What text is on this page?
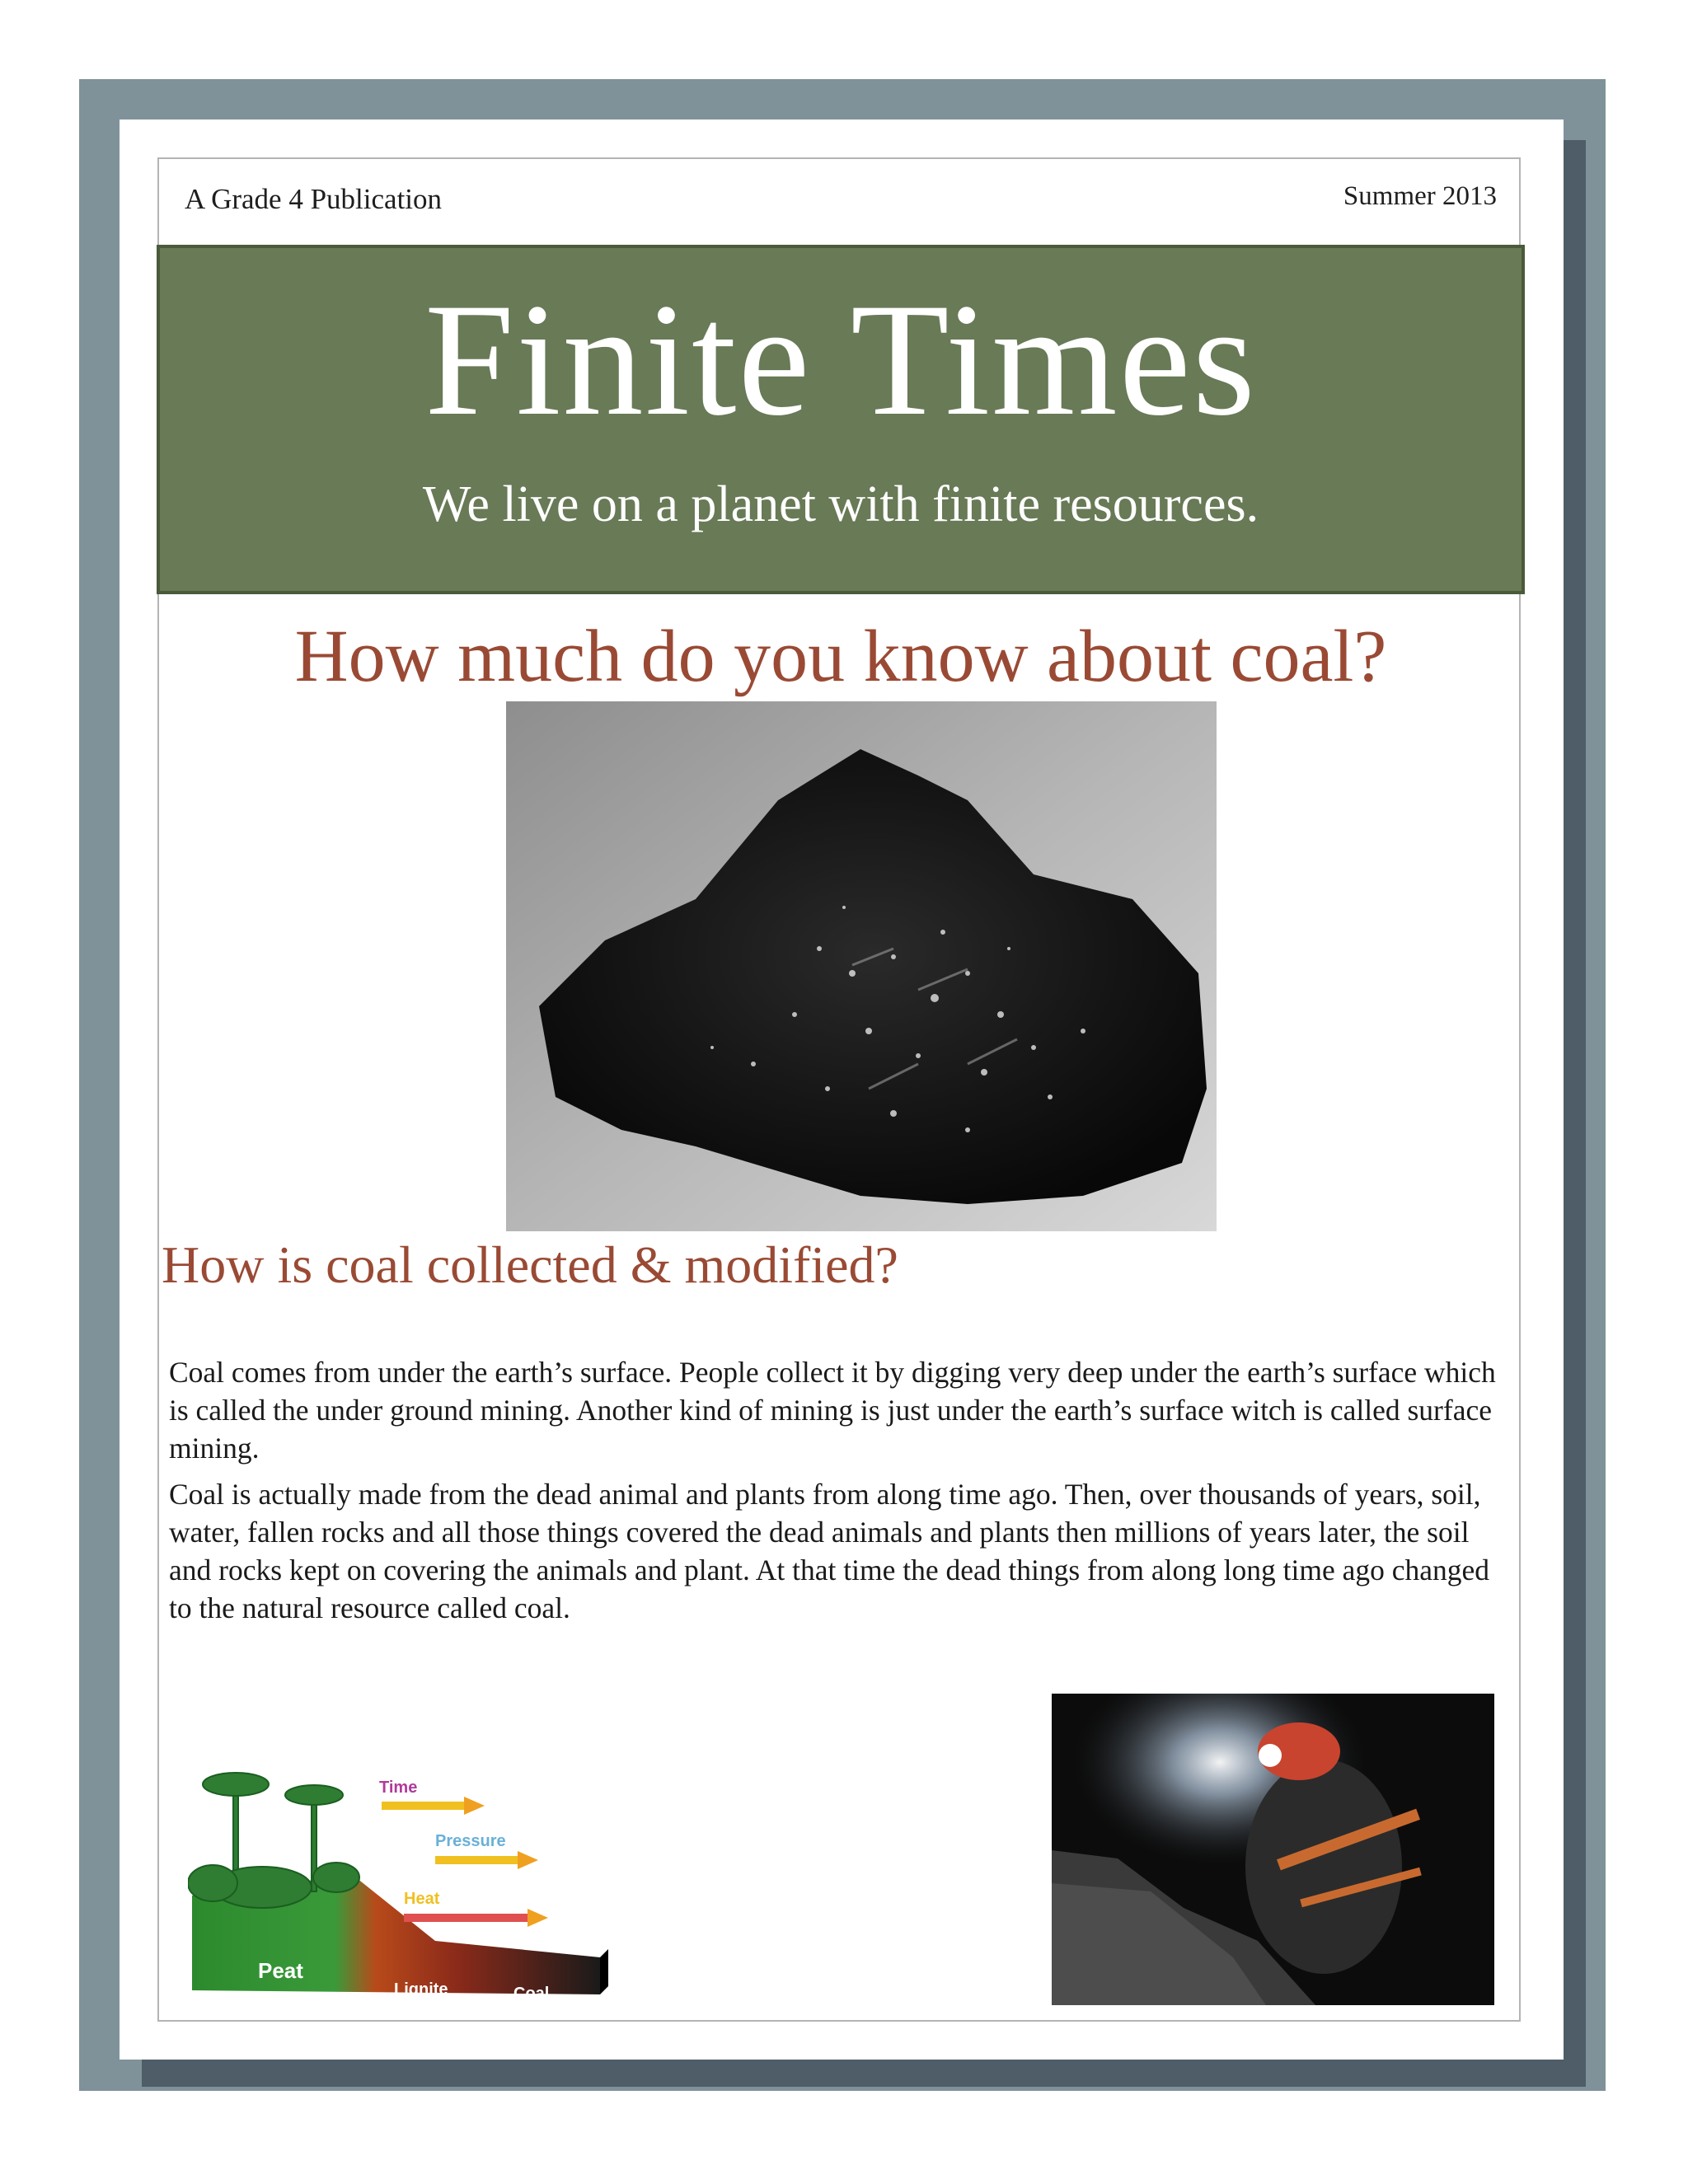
A Grade 4 Publication	Summer 2013
Finite Times
We live on a planet with finite resources.
How much do you know about coal?
How is coal collected & modified?

Coal comes from under the earth’s surface. People collect it by digging very deep under the earth’s surface which is called the under ground mining. Another kind of mining is just under the earth’s surface witch is called surface mining.

Coal is actually made from the dead animal and plants from along time ago. Then, over thousands of years, soil, water, fallen rocks and all those things covered the dead animals and plants then millions of years later, the soil and rocks kept on covering the animals and plant. At that time the dead things from along long time ago changed to the natural resource called coal.

Time
Pressure
Heat
Peat
Lignite	Coal
